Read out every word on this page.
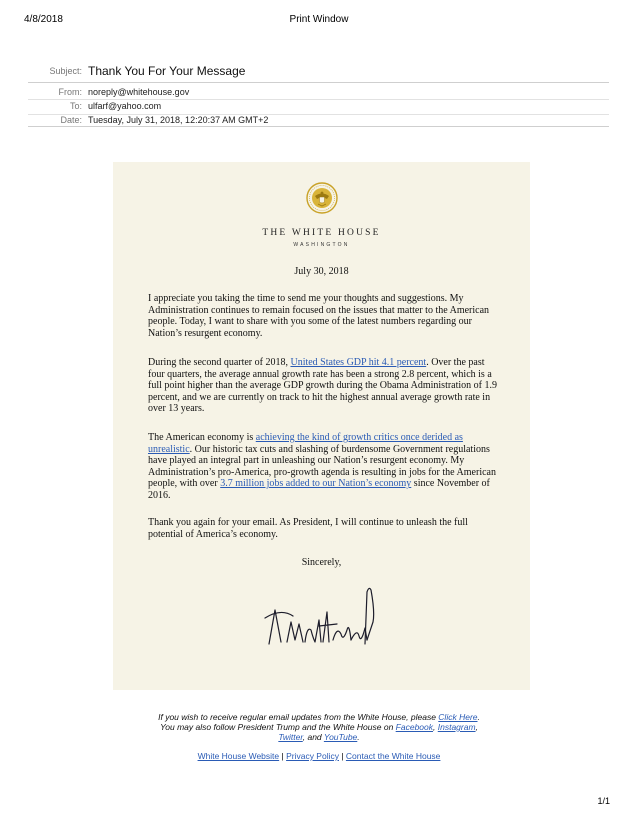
4/8/2018	Print Window
Subject: Thank You For Your Message
From: noreply@whitehouse.gov
To: ulfarf@yahoo.com
Date: Tuesday, July 31, 2018, 12:20:37 AM GMT+2
THE WHITE HOUSE
WASHINGTON
July 30, 2018

I appreciate you taking the time to send me your thoughts and suggestions. My Administration continues to remain focused on the issues that matter to the American people. Today, I want to share with you some of the latest numbers regarding our Nation’s resurgent economy.

During the second quarter of 2018, United States GDP hit 4.1 percent. Over the past four quarters, the average annual growth rate has been a strong 2.8 percent, which is a full point higher than the average GDP growth during the Obama Administration of 1.9 percent, and we are currently on track to hit the highest annual average growth rate in over 13 years.

The American economy is achieving the kind of growth critics once derided as unrealistic. Our historic tax cuts and slashing of burdensome Government regulations have played an integral part in unleashing our Nation’s resurgent economy. My Administration’s pro-America, pro-growth agenda is resulting in jobs for the American people, with over 3.7 million jobs added to our Nation’s economy since November of 2016.

Thank you again for your email. As President, I will continue to unleash the full potential of America’s economy.

Sincerely,
If you wish to receive regular email updates from the White House, please Click Here.
You may also follow President Trump and the White House on Facebook, Instagram,
Twitter, and YouTube.
White House Website | Privacy Policy | Contact the White House
1/1
